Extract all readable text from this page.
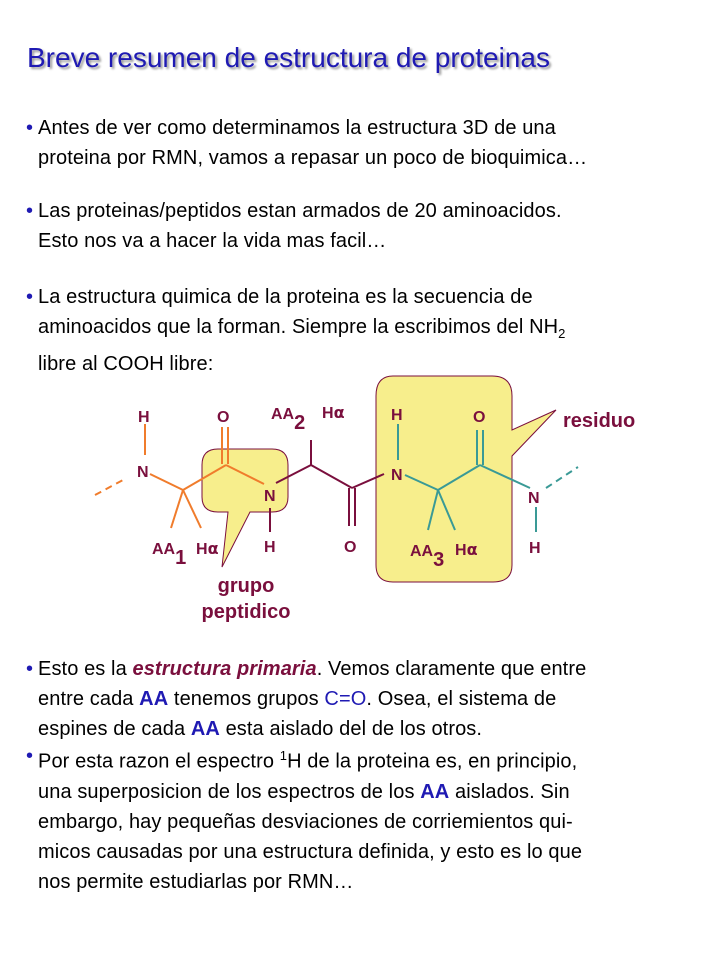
Breve resumen de estructura de proteinas
• Antes de ver como determinamos la estructura 3D de una

proteina por RMN, vamos a repasar un poco de bioquimica…

• Las proteinas/peptidos estan armados de 20 aminoacidos.

Esto nos va a hacer la vida mas facil…

• La estructura quimica de la proteina es la secuencia de

aminoacidos que la forman. Siempre la escribimos del $NH_2$

libre al COOH libre:

H	O
N
N
H	O
N
H	O
N
H
AA1
AA2
AA3
Hα
Hα
Hα
residuo
grupo
peptidico
• Esto es la estructura primaria. Vemos claramente que entre

entre cada AA tenemos grupos C=O. Osea, el sistema de

espines de cada AA esta aislado del de los otros.

• Por esta razon el espectro $^1$H de la proteina es, en principio,

una superposicion de los espectros de los AA aislados. Sin

embargo, hay pequeñas desviaciones de corriemientos qui-

micos causadas por una estructura definida, y esto es lo que

nos permite estudiarlas por RMN…
